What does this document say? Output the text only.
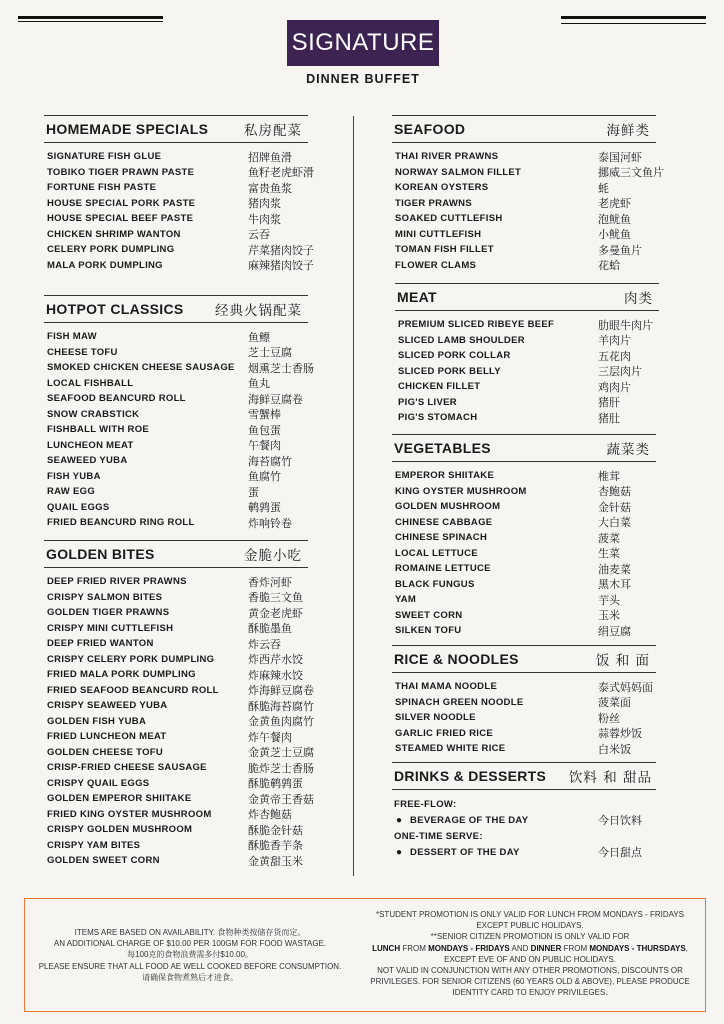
SIGNATURE
DINNER BUFFET
HOMEMADE SPECIALS	私房配菜
SIGNATURE FISH GLUE	招牌鱼滑
TOBIKO TIGER PRAWN PASTE	鱼籽老虎虾滑
FORTUNE FISH PASTE	富贵鱼浆
HOUSE SPECIAL PORK PASTE	猪肉浆
HOUSE SPECIAL BEEF PASTE	牛肉浆
CHICKEN SHRIMP WANTON	云吞
CELERY PORK DUMPLING	芹菜猪肉饺子
MALA PORK DUMPLING	麻辣猪肉饺子
HOTPOT CLASSICS 经典火锅配菜
FISH MAW	鱼鳔
CHEESE TOFU	芝士豆腐
SMOKED CHICKEN CHEESE SAUSAGE 烟熏芝士香肠
LOCAL FISHBALL	鱼丸
SEAFOOD BEANCURD ROLL	海鲜豆腐卷
SNOW CRABSTICK	雪蟹棒
FISHBALL WITH ROE	鱼包蛋
LUNCHEON MEAT	午餐肉
SEAWEED YUBA	海苔腐竹
FISH YUBA	鱼腐竹
RAW EGG	蛋
QUAIL EGGS	鹌鹑蛋
FRIED BEANCURD RING ROLL	炸响铃卷
GOLDEN BITES	金脆小吃
DEEP FRIED RIVER PRAWNS	香炸河虾
CRISPY SALMON BITES	香脆三文鱼
GOLDEN TIGER PRAWNS	黄金老虎虾
CRISPY MINI CUTTLEFISH	酥脆墨鱼
DEEP FRIED WANTON	炸云吞
CRISPY CELERY PORK DUMPLING	炸西芹水饺
FRIED MALA PORK DUMPLING	炸麻辣水饺
FRIED SEAFOOD BEANCURD ROLL	炸海鲜豆腐卷
CRISPY SEAWEED YUBA	酥脆海苔腐竹
GOLDEN FISH YUBA	金黄鱼肉腐竹
FRIED LUNCHEON MEAT	炸午餐肉
GOLDEN CHEESE TOFU	金黄芝士豆腐
CRISP-FRIED CHEESE SAUSAGE	脆炸芝士香肠
CRISPY QUAIL EGGS	酥脆鹌鹑蛋
GOLDEN EMPEROR SHIITAKE	金黄帝王香菇
FRIED KING OYSTER MUSHROOM	炸杏鲍菇
CRISPY GOLDEN MUSHROOM	酥脆金针菇
CRISPY YAM BITES	酥脆香芋条
GOLDEN SWEET CORN	金黄甜玉米
SEAFOOD	海鲜类
THAI RIVER PRAWNS	泰国河虾
NORWAY SALMON FILLET	挪威三文鱼片
KOREAN OYSTERS	蚝
TIGER PRAWNS	老虎虾
SOAKED CUTTLEFISH	泡鱿鱼
MINI CUTTLEFISH	小鱿鱼
TOMAN FISH FILLET	多曼鱼片
FLOWER CLAMS	花蛤
MEAT	肉类
PREMIUM SLICED RIBEYE BEEF	肋眼牛肉片
SLICED LAMB SHOULDER	羊肉片
SLICED PORK COLLAR	五花肉
SLICED PORK BELLY	三层肉片
CHICKEN FILLET	鸡肉片
PIG'S LIVER	猪肝
PIG'S STOMACH	猪肚
VEGETABLES	蔬菜类
EMPEROR SHIITAKE	椎茸
KING OYSTER MUSHROOM	杏鲍菇
GOLDEN MUSHROOM	金针菇
CHINESE CABBAGE	大白菜
CHINESE SPINACH	菠菜
LOCAL LETTUCE	生菜
ROMAINE LETTUCE	油麦菜
BLACK FUNGUS	黑木耳
YAM	芋头
SWEET CORN	玉米
SILKEN TOFU	绢豆腐
RICE & NOODLES	饭 和 面
THAI MAMA NOODLE	泰式妈妈面
SPINACH GREEN NOODLE	菠菜面
SILVER NOODLE	粉丝
GARLIC FRIED RICE	蒜蓉炒饭
STEAMED WHITE RICE	白米饭
DRINKS & DESSERTS 饮料 和 甜品
FREE-FLOW:
● BEVERAGE OF THE DAY	今日饮料
ONE-TIME SERVE:
● DESSERT OF THE DAY	今日甜点
ITEMS ARE BASED ON AVAILABILITY. 食物种类按储存货而定。
AN ADDITIONAL CHARGE OF $10.00 PER 100GM FOR FOOD WASTAGE.
每100克的食物浪费需多付$10.00。
PLEASE ENSURE THAT ALL FOOD AE WELL COOKED BEFORE CONSUMPTION.
请确保食物煮熟后才进食。
*STUDENT PROMOTION IS ONLY VALID FOR LUNCH FROM MONDAYS - FRIDAYS EXCEPT PUBLIC HOLIDAYS.
**SENIOR CITIZEN PROMOTION IS ONLY VALID FOR
LUNCH FROM MONDAYS - FRIDAYS AND DINNER FROM MONDAYS - THURSDAYS, EXCEPT EVE OF AND ON PUBLIC HOLIDAYS.
NOT VALID IN CONJUNCTION WITH ANY OTHER PROMOTIONS, DISCOUNTS OR PRIVILEGES. FOR SENIOR CITIZENS (60 YEARS OLD & ABOVE), PLEASE PRODUCE IDENTITY CARD TO ENJOY PRIVILEGES.
